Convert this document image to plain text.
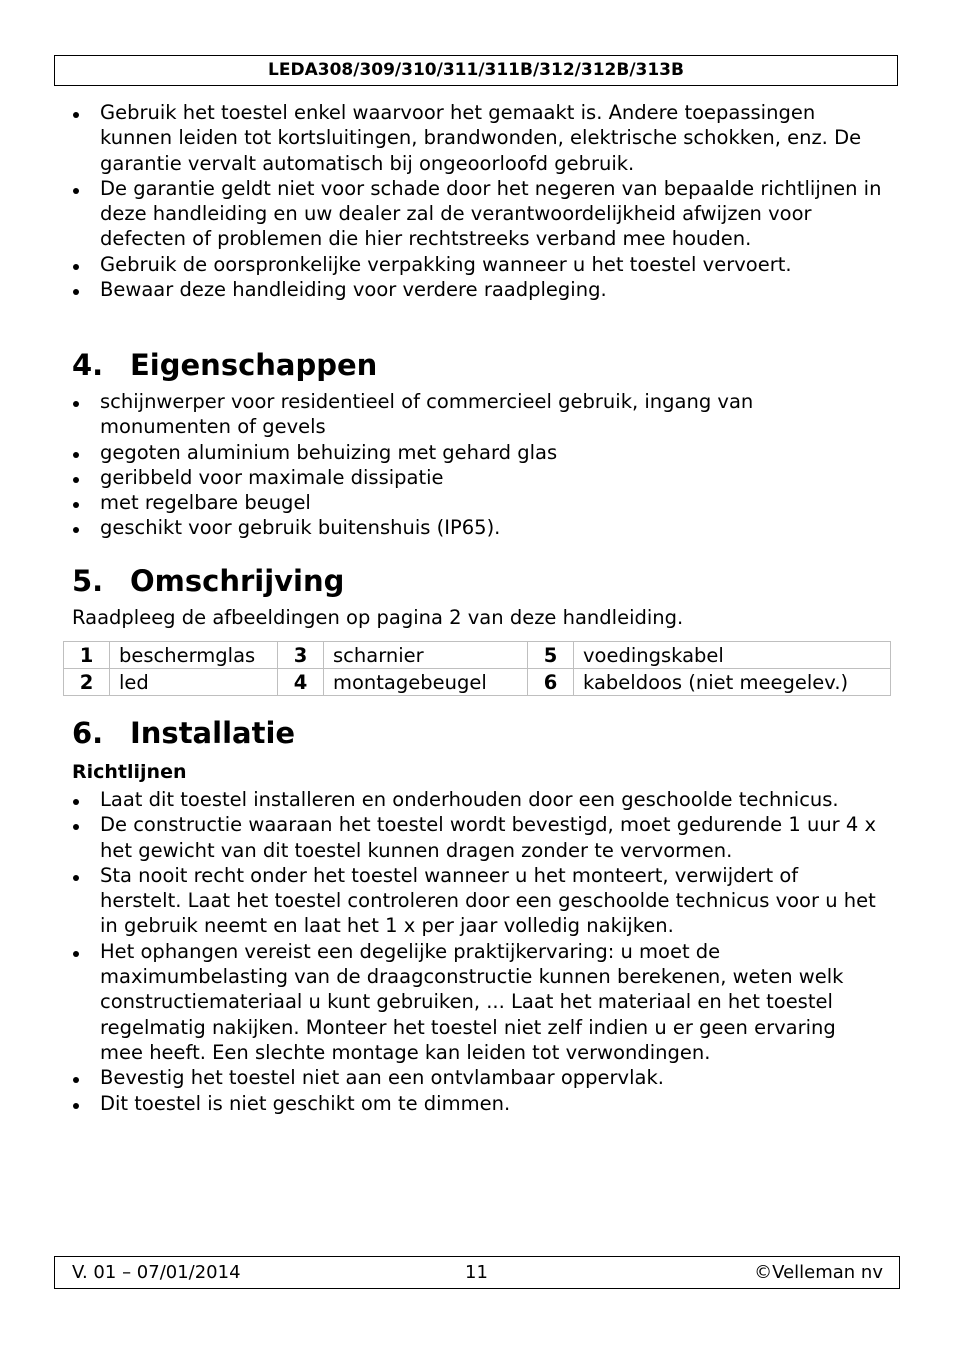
LEDA308/309/310/311/311B/312/312B/313B
Gebruik het toestel enkel waarvoor het gemaakt is. Andere toepassingen kunnen leiden tot kortsluitingen, brandwonden, elektrische schokken, enz. De garantie vervalt automatisch bij ongeoorloofd gebruik.
De garantie geldt niet voor schade door het negeren van bepaalde richtlijnen in deze handleiding en uw dealer zal de verantwoordelijkheid afwijzen voor defecten of problemen die hier rechtstreeks verband mee houden.
Gebruik de oorspronkelijke verpakking wanneer u het toestel vervoert.
Bewaar deze handleiding voor verdere raadpleging.
4. Eigenschappen
schijnwerper voor residentieel of commercieel gebruik, ingang van monumenten of gevels
gegoten aluminium behuizing met gehard glas
geribbeld voor maximale dissipatie
met regelbare beugel
geschikt voor gebruik buitenshuis (IP65).
5. Omschrijving
Raadpleeg de afbeeldingen op pagina 2 van deze handleiding.
1	beschermglas	3	scharnier	5	voedingskabel
2	led	4	montagebeugel	6	kabeldoos (niet meegelev.)
6. Installatie
Richtlijnen
Laat dit toestel installeren en onderhouden door een geschoolde technicus.
De constructie waaraan het toestel wordt bevestigd, moet gedurende 1 uur 4 x het gewicht van dit toestel kunnen dragen zonder te vervormen.
Sta nooit recht onder het toestel wanneer u het monteert, verwijdert of herstelt. Laat het toestel controleren door een geschoolde technicus voor u het in gebruik neemt en laat het 1 x per jaar volledig nakijken.
Het ophangen vereist een degelijke praktijkervaring: u moet de maximumbelasting van de draagconstructie kunnen berekenen, weten welk constructiemateriaal u kunt gebruiken, ... Laat het materiaal en het toestel regelmatig nakijken. Monteer het toestel niet zelf indien u er geen ervaring mee heeft. Een slechte montage kan leiden tot verwondingen.
Bevestig het toestel niet aan een ontvlambaar oppervlak.
Dit toestel is niet geschikt om te dimmen.
V. 01 – 07/01/2014	11	©Velleman nv
